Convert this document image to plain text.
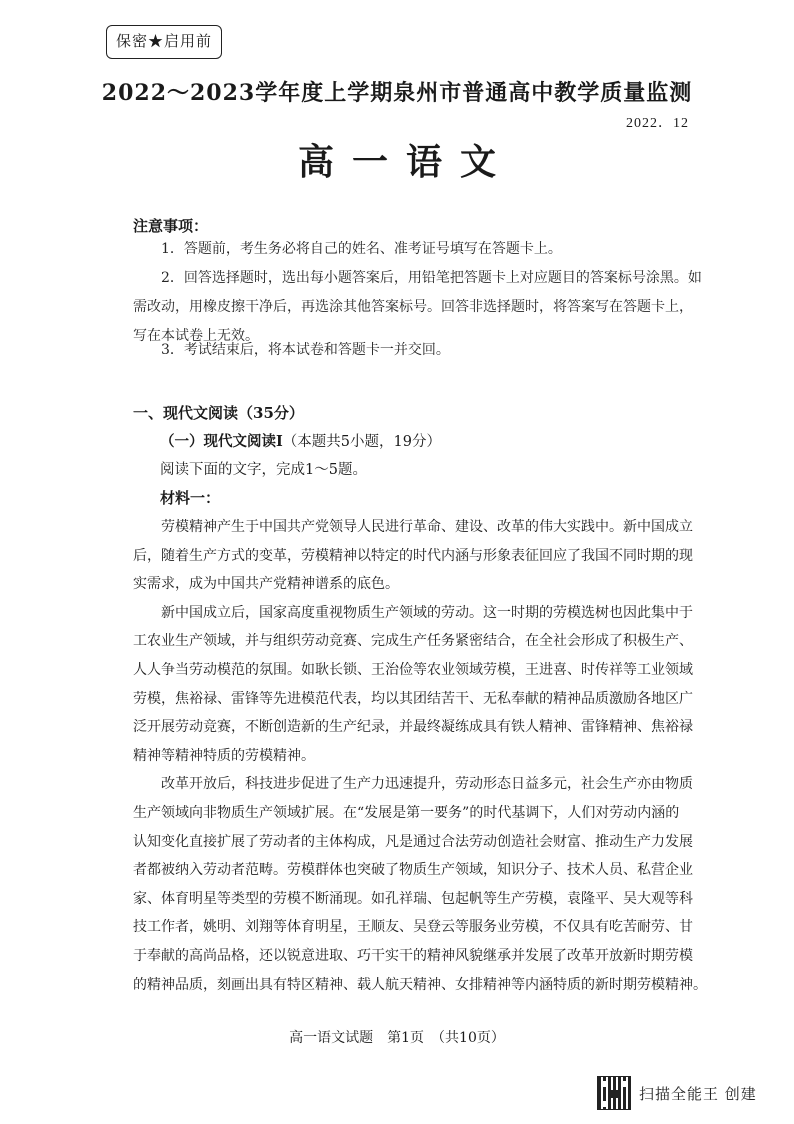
保密★启用前
2022～2023学年度上学期泉州市普通高中教学质量监测
2022．12
高一语文
注意事项：
1．答题前，考生务必将自己的姓名、准考证号填写在答题卡上。
2．回答选择题时，选出每小题答案后，用铅笔把答题卡上对应题目的答案标号涂黑。如
需改动，用橡皮擦干净后，再选涂其他答案标号。回答非选择题时，将答案写在答题卡上，
写在本试卷上无效。
3．考试结束后，将本试卷和答题卡一并交回。
一、现代文阅读（35分）
（一）现代文阅读Ⅰ（本题共5小题，19分）
阅读下面的文字，完成1～5题。
材料一：
劳模精神产生于中国共产党领导人民进行革命、建设、改革的伟大实践中。新中国成立
后，随着生产方式的变革，劳模精神以特定的时代内涵与形象表征回应了我国不同时期的现
实需求，成为中国共产党精神谱系的底色。
新中国成立后，国家高度重视物质生产领域的劳动。这一时期的劳模选树也因此集中于
工农业生产领域，并与组织劳动竞赛、完成生产任务紧密结合，在全社会形成了积极生产、
人人争当劳动模范的氛围。如耿长锁、王治俭等农业领域劳模，王进喜、时传祥等工业领域
劳模，焦裕禄、雷锋等先进模范代表，均以其团结苦干、无私奉献的精神品质激励各地区广
泛开展劳动竞赛，不断创造新的生产纪录，并最终凝练成具有铁人精神、雷锋精神、焦裕禄
精神等精神特质的劳模精神。
改革开放后，科技进步促进了生产力迅速提升，劳动形态日益多元，社会生产亦由物质
生产领域向非物质生产领域扩展。在“发展是第一要务”的时代基调下，人们对劳动内涵的
认知变化直接扩展了劳动者的主体构成，凡是通过合法劳动创造社会财富、推动生产力发展
者都被纳入劳动者范畴。劳模群体也突破了物质生产领域，知识分子、技术人员、私营企业
家、体育明星等类型的劳模不断涌现。如孔祥瑞、包起帆等生产劳模，袁隆平、吴大观等科
技工作者，姚明、刘翔等体育明星，王顺友、吴登云等服务业劳模，不仅具有吃苦耐劳、甘
于奉献的高尚品格，还以锐意进取、巧干实干的精神风貌继承并发展了改革开放新时期劳模
的精神品质，刻画出具有特区精神、载人航天精神、女排精神等内涵特质的新时期劳模精神。
高一语文试题　第1页　（共10页）
扫描全能王 创建
